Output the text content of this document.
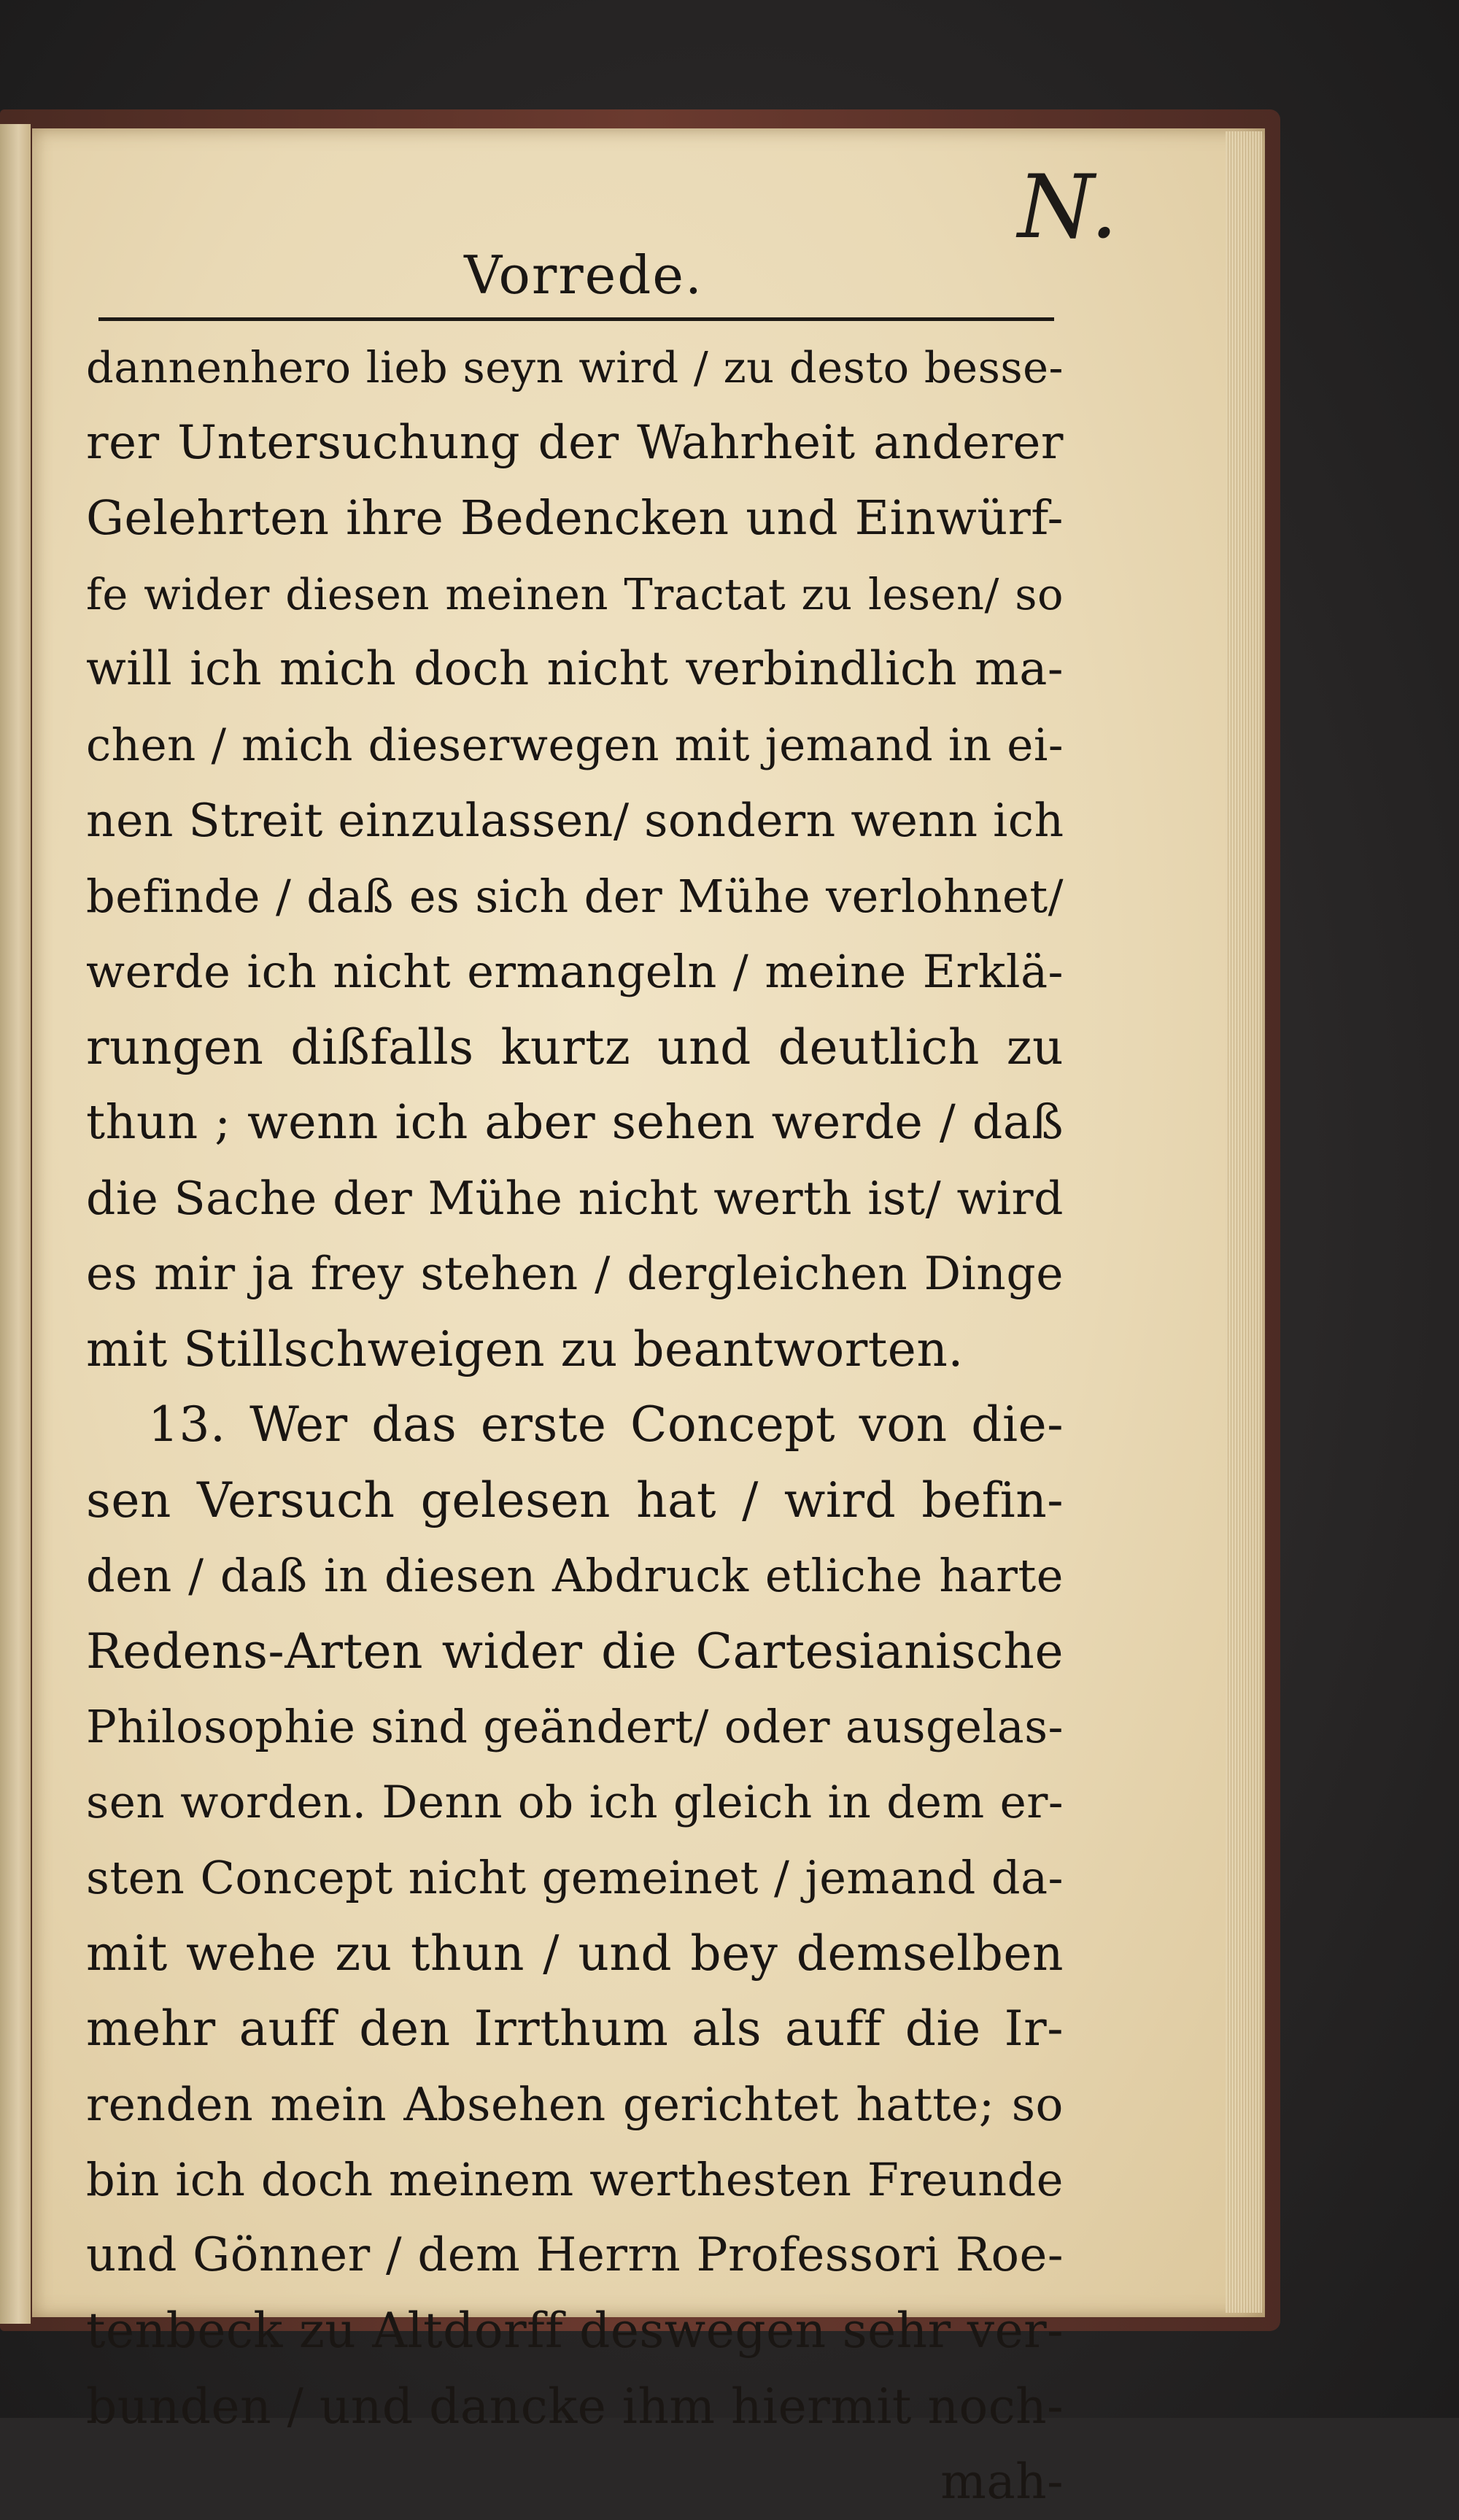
N.
Vorrede.
dannenhero lieb seyn wird / zu desto besse-
rer Untersuchung der Wahrheit anderer
Gelehrten ihre Bedencken und Einwürf-
fe wider diesen meinen Tractat zu lesen/ so
will ich mich doch nicht verbindlich ma-
chen / mich dieserwegen mit jemand in ei-
nen Streit einzulassen/ sondern wenn ich
befinde / daß es sich der Mühe verlohnet/
werde ich nicht ermangeln / meine Erklä-
rungen dißfalls kurtz und deutlich zu
thun ; wenn ich aber sehen werde / daß
die Sache der Mühe nicht werth ist/ wird
es mir ja frey stehen / dergleichen Dinge
mit Stillschweigen zu beantworten.
13. Wer das erste Concept von die-
sen Versuch gelesen hat / wird befin-
den / daß in diesen Abdruck etliche harte
Redens-Arten wider die Cartesianische
Philosophie sind geändert/ oder ausgelas-
sen worden. Denn ob ich gleich in dem er-
sten Concept nicht gemeinet / jemand da-
mit wehe zu thun / und bey demselben
mehr auff den Irrthum als auff die Ir-
renden mein Absehen gerichtet hatte; so
bin ich doch meinem werthesten Freunde
und Gönner / dem Herrn Professori Roe-
tenbeck zu Altdorff deswegen sehr ver-
bunden / und dancke ihm hiermit noch-
mah-
